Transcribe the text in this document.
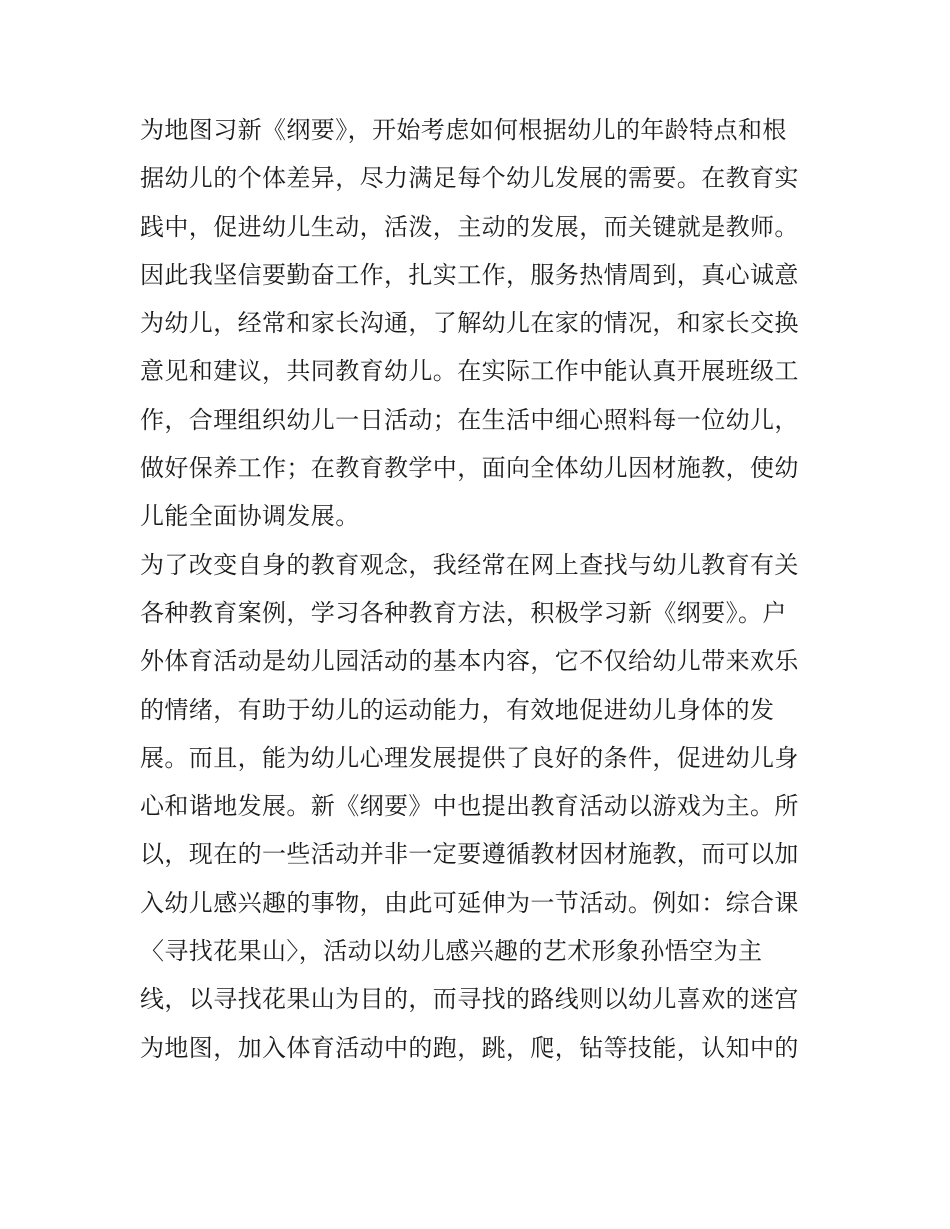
为地图习新《纲要》，开始考虑如何根据幼儿的年龄特点和根
据幼儿的个体差异，尽力满足每个幼儿发展的需要。在教育实
践中，促进幼儿生动，活泼，主动的发展，而关键就是教师。
因此我坚信要勤奋工作，扎实工作，服务热情周到，真心诚意
为幼儿，经常和家长沟通，了解幼儿在家的情况，和家长交换
意见和建议，共同教育幼儿。在实际工作中能认真开展班级工
作，合理组织幼儿一日活动；在生活中细心照料每一位幼儿，
做好保养工作；在教育教学中，面向全体幼儿因材施教，使幼
儿能全面协调发展。
为了改变自身的教育观念，我经常在网上查找与幼儿教育有关
各种教育案例，学习各种教育方法，积极学习新《纲要》。户
外体育活动是幼儿园活动的基本内容，它不仅给幼儿带来欢乐
的情绪，有助于幼儿的运动能力，有效地促进幼儿身体的发
展。而且，能为幼儿心理发展提供了良好的条件，促进幼儿身
心和谐地发展。新《纲要》中也提出教育活动以游戏为主。所
以，现在的一些活动并非一定要遵循教材因材施教，而可以加
入幼儿感兴趣的事物，由此可延伸为一节活动。例如：综合课
〈寻找花果山〉，活动以幼儿感兴趣的艺术形象孙悟空为主
线，以寻找花果山为目的，而寻找的路线则以幼儿喜欢的迷宫
为地图，加入体育活动中的跑，跳，爬，钻等技能，认知中的
